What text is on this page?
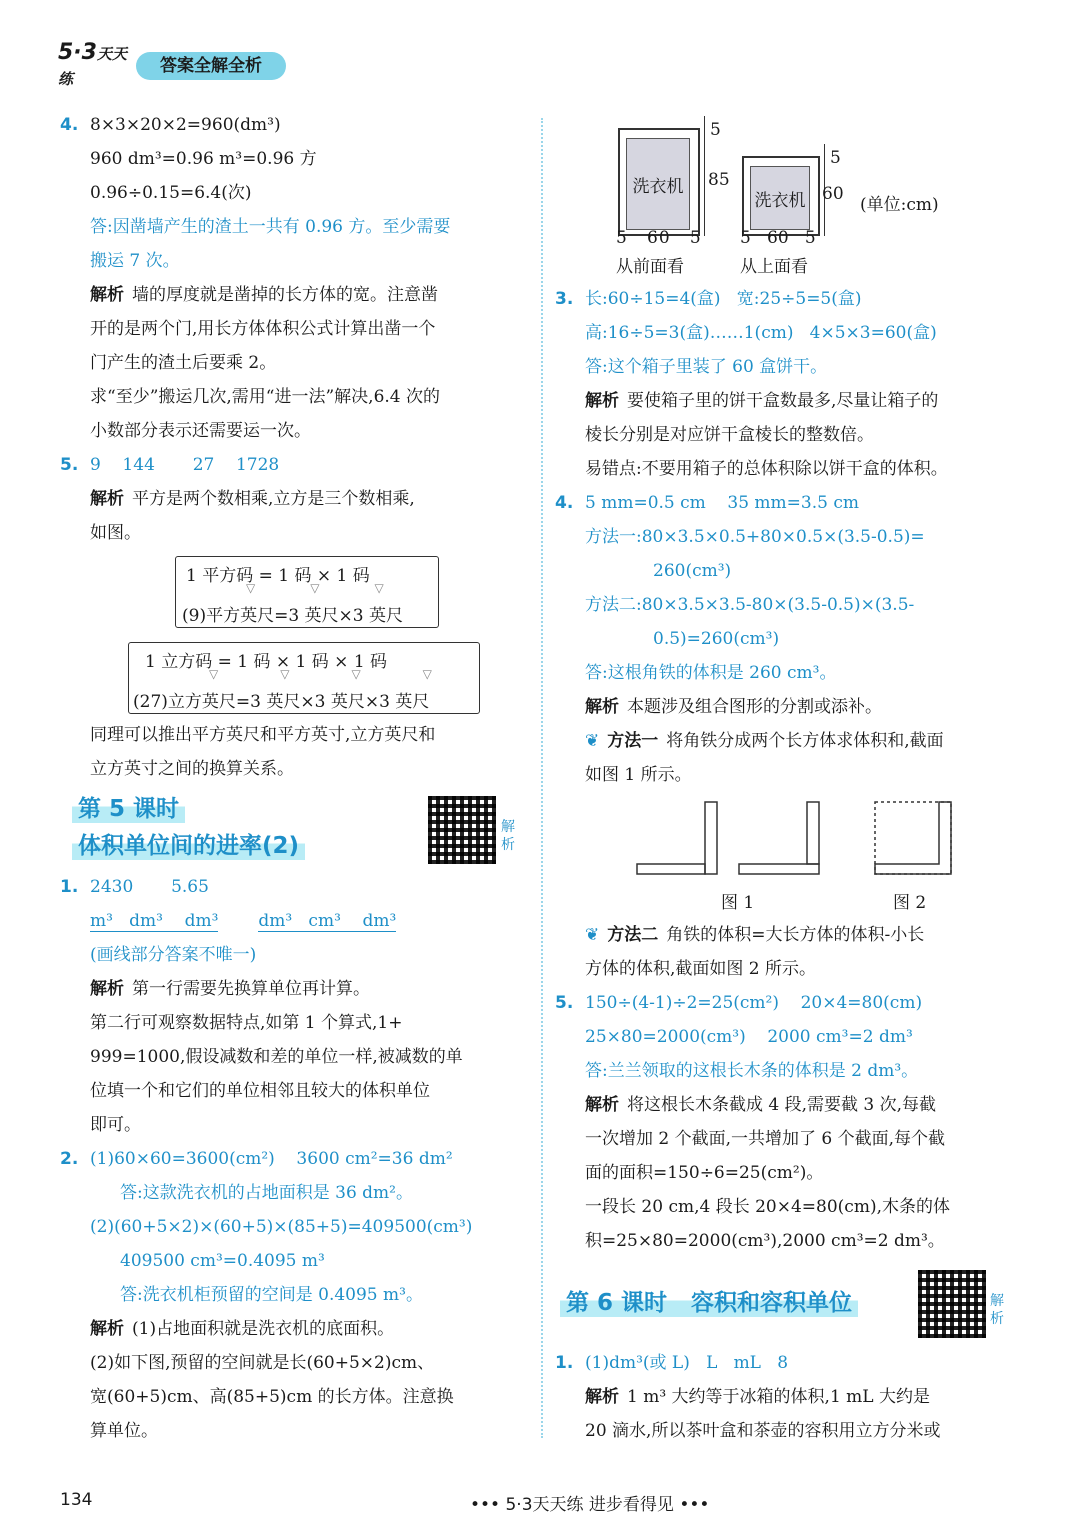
5·3天天练
答案全解全析
4. 8×3×20×2=960(dm³)
960 dm³=0.96 m³=0.96 方
0.96÷0.15=6.4(次)
答:因凿墙产生的渣土一共有 0.96 方。至少需要
搬运 7 次。
解析 墙的厚度就是凿掉的长方体的宽。注意凿
开的是两个门,用长方体体积公式计算出凿一个
门产生的渣土后要乘 2。
求“至少”搬运几次,需用“进一法”解决,6.4 次的
小数部分表示还需要运一次。
5. 9    144       27    1728
解析 平方是两个数相乘,立方是三个数相乘,
如图。
1 平方码 = 1 码 × 1 码
▽▽▽
(9)平方英尺=3 英尺×3 英尺
1 立方码 = 1 码 × 1 码 × 1 码
▽▽▽▽
(27)立方英尺=3 英尺×3 英尺×3 英尺
同理可以推出平方英尺和平方英寸,立方英尺和
立方英寸之间的换算关系。
第 5 课时
体积单位间的进率(2)
解析
1. 2430       5.65
m³   dm³    dm³ dm³   cm³    dm³
(画线部分答案不唯一)
解析 第一行需要先换算单位再计算。
第二行可观察数据特点,如第 1 个算式,1+
999=1000,假设减数和差的单位一样,被减数的单
位填一个和它们的单位相邻且较大的体积单位
即可。
2. (1)60×60=3600(cm²)    3600 cm²=36 dm²
答:这款洗衣机的占地面积是 36 dm²。
(2)(60+5×2)×(60+5)×(85+5)=409500(cm³)
409500 cm³=0.4095 m³
答:洗衣机柜预留的空间是 0.4095 m³。
解析 (1)占地面积就是洗衣机的底面积。
(2)如下图,预留的空间就是长(60+5×2)cm、
宽(60+5)cm、高(85+5)cm 的长方体。注意换
算单位。
洗衣机
5
85
5 60 5
从前面看
洗衣机
5
60
5 60 5
从上面看
(单位:cm)
3. 长:60÷15=4(盒)   宽:25÷5=5(盒)
高:16÷5=3(盒)……1(cm)   4×5×3=60(盒)
答:这个箱子里装了 60 盒饼干。
解析 要使箱子里的饼干盒数最多,尽量让箱子的
棱长分别是对应饼干盒棱长的整数倍。
易错点:不要用箱子的总体积除以饼干盒的体积。
4. 5 mm=0.5 cm    35 mm=3.5 cm
方法一:80×3.5×0.5+80×0.5×(3.5-0.5)=
260(cm³)
方法二:80×3.5×3.5-80×(3.5-0.5)×(3.5-
0.5)=260(cm³)
答:这根角铁的体积是 260 cm³。
解析 本题涉及组合图形的分割或添补。
❦ 方法一 将角铁分成两个长方体求体积和,截面
如图 1 所示。
图 1	图 2
❦ 方法二 角铁的体积=大长方体的体积-小长
方体的体积,截面如图 2 所示。
5. 150÷(4-1)÷2=25(cm²)    20×4=80(cm)
25×80=2000(cm³)    2000 cm³=2 dm³
答:兰兰领取的这根长木条的体积是 2 dm³。
解析 将这根长木条截成 4 段,需要截 3 次,每截
一次增加 2 个截面,一共增加了 6 个截面,每个截
面的面积=150÷6=25(cm²)。
一段长 20 cm,4 段长 20×4=80(cm),木条的体
积=25×80=2000(cm³),2000 cm³=2 dm³。
第 6 课时   容积和容积单位	解析
1. (1)dm³(或 L)   L   mL   8
解析 1 m³ 大约等于冰箱的体积,1 mL 大约是
20 滴水,所以茶叶盒和茶壶的容积用立方分米或
134	••• 5·3天天练 进步看得见 •••
